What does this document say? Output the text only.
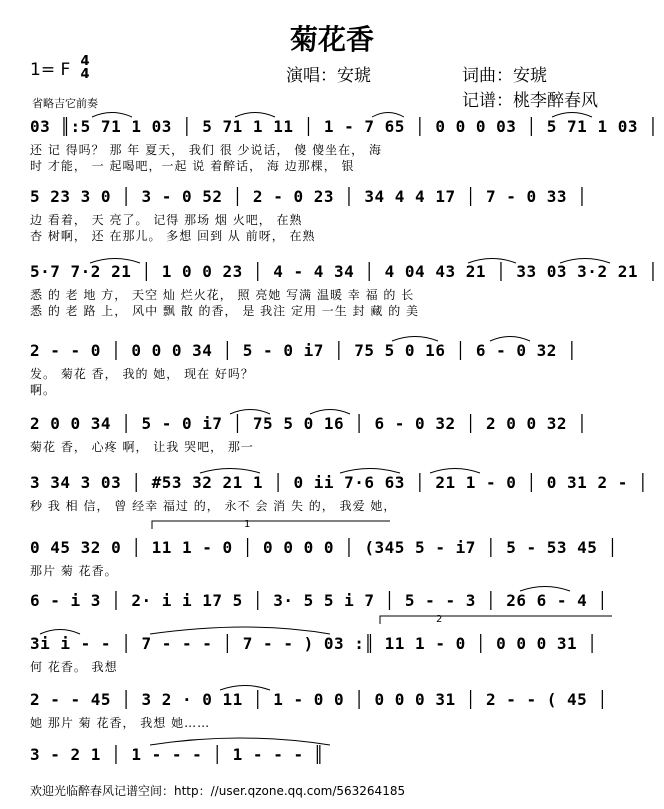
菊花香
1= F 4
4	演唱：安琥	词曲：安琥
记谱：桃李醉春风
省略吉它前奏
03 ║:5 71 1 03 │ 5 71 1 11 │ 1 - 7 65 │ 0 0 0 03 │ 5 71 1 03 │
还 记 得吗？ 那 年 夏天， 我们 很 少说话， 傻 傻坐在， 海
时 才能， 一 起喝吧，一起 说 着醉话， 海 边那棵， 银
5 23 3 0 │ 3 - 0 52 │ 2 - 0 23 │ 34 4 4 17 │ 7 - 0 33 │
边 看着， 天 亮了。 记得 那场 烟 火吧， 在熟
杏 树啊， 还 在那儿。 多想 回到 从 前呀， 在熟
5·7 7·2 21 │ 1 0 0 23 │ 4 - 4 34 │ 4 04 43 21 │ 33 03 3·2 21 │
悉 的 老 地 方， 天空 灿 烂火花， 照 亮她 写满 温暖 幸 福 的 长
悉 的 老 路 上， 风中 飘 散 的香， 是 我注 定用 一生 封 藏 的 美
2 - - 0 │ 0 0 0 34 │ 5 - 0 i7 │ 75 5 0 16 │ 6 - 0 32 │
发。 菊花 香， 我的 她， 现在 好吗？
啊。
2 0 0 34 │ 5 - 0 i7 │ 75 5 0 16 │ 6 - 0 32 │ 2 0 0 32 │
菊花 香， 心疼 啊， 让我 哭吧， 那一
3 34 3 03 │ #53 32 21 1 │ 0 ii 7·6 63 │ 21 1 - 0 │ 0 31 2 - │
秒 我 相 信， 曾 经幸 福过 的， 永不 会 消 失 的， 我爱 她，
0 45 32 0 │ 11 1 - 0 │ 0 0 0 0 │ (345 5 - i7 │ 5 - 53 45 │
那片 菊 花香。
6 - i 3 │ 2· i i 17 5 │ 3· 5 5 i 7 │ 5 - - 3 │ 26 6 - 4 │
3i i - - │ 7 - - - │ 7 - - ) 03 :║ 11 1 - 0 │ 0 0 0 31 │
何 花香。 我想
2 - - 45 │ 3 2 · 0 11 │ 1 - 0 0 │ 0 0 0 31 │ 2 - - ( 45 │
她 那片 菊 花香， 我想 她……
3 - 2 1 │ 1 - - - │ 1 - - - ║
1
2
欢迎光临醉春风记谱空间：http：//user.qzone.qq.com/563264185
